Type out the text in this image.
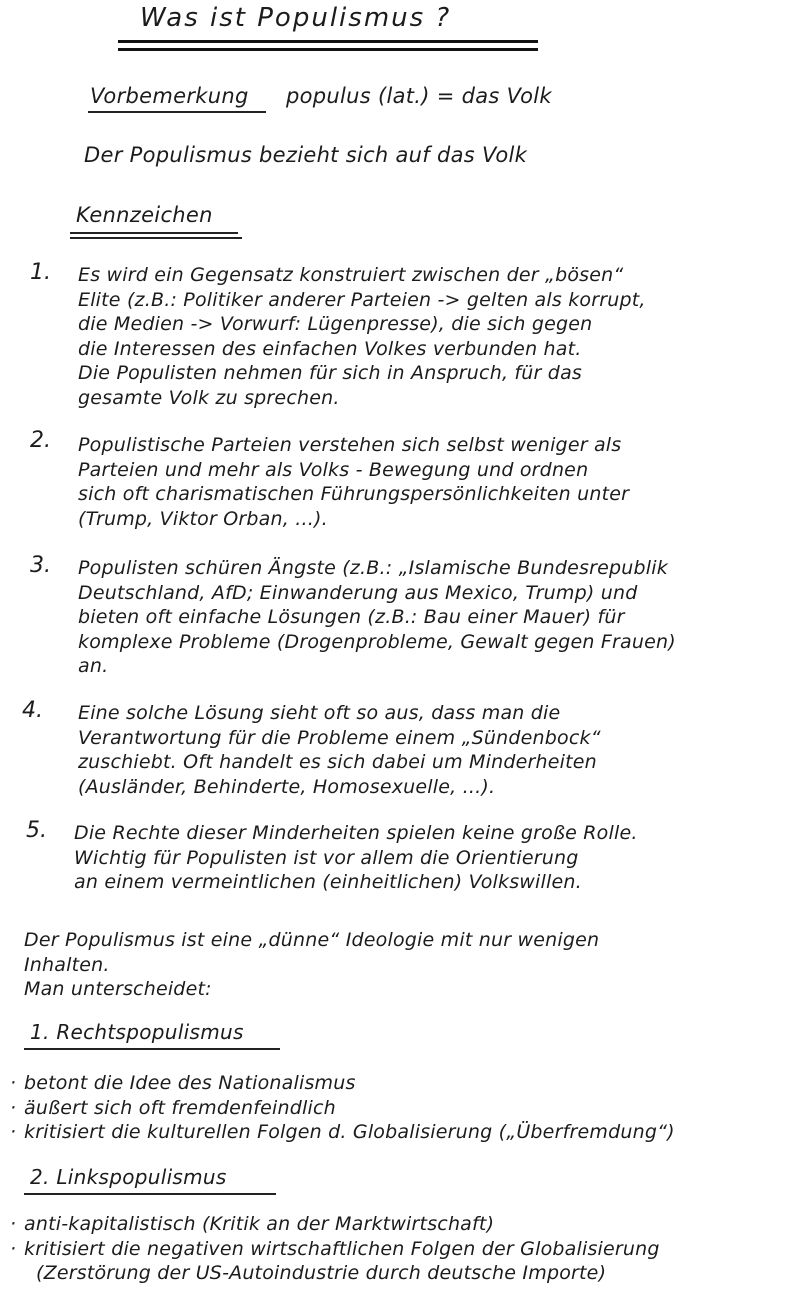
Was ist Populismus ?
Vorbemerkung populus (lat.) = das Volk
Der Populismus bezieht sich auf das Volk
Kennzeichen
1. Es wird ein Gegensatz konstruiert zwischen der „bösen“
Elite (z.B.: Politiker anderer Parteien -> gelten als korrupt,
die Medien -> Vorwurf: Lügenpresse), die sich gegen
die Interessen des einfachen Volkes verbunden hat.
Die Populisten nehmen für sich in Anspruch, für das
gesamte Volk zu sprechen.
2. Populistische Parteien verstehen sich selbst weniger als
Parteien und mehr als Volks - Bewegung und ordnen
sich oft charismatischen Führungspersönlichkeiten unter
(Trump, Viktor Orban, ...).
3. Populisten schüren Ängste (z.B.: „Islamische Bundesrepublik
Deutschland, AfD; Einwanderung aus Mexico, Trump) und
bieten oft einfache Lösungen (z.B.: Bau einer Mauer) für
komplexe Probleme (Drogenprobleme, Gewalt gegen Frauen)
an.
4. Eine solche Lösung sieht oft so aus, dass man die
Verantwortung für die Probleme einem „Sündenbock“
zuschiebt. Oft handelt es sich dabei um Minderheiten
(Ausländer, Behinderte, Homosexuelle, ...).
5. Die Rechte dieser Minderheiten spielen keine große Rolle.
Wichtig für Populisten ist vor allem die Orientierung
an einem vermeintlichen (einheitlichen) Volkswillen.
Der Populismus ist eine „dünne“ Ideologie mit nur wenigen
Inhalten.
Man unterscheidet:
1. Rechtspopulismus
· betont die Idee des Nationalismus
· äußert sich oft fremdenfeindlich
· kritisiert die kulturellen Folgen d. Globalisierung („Überfremdung“)
2. Linkspopulismus
· anti-kapitalistisch (Kritik an der Marktwirtschaft)
· kritisiert die negativen wirtschaftlichen Folgen der Globalisierung
(Zerstörung der US-Autoindustrie durch deutsche Importe)
